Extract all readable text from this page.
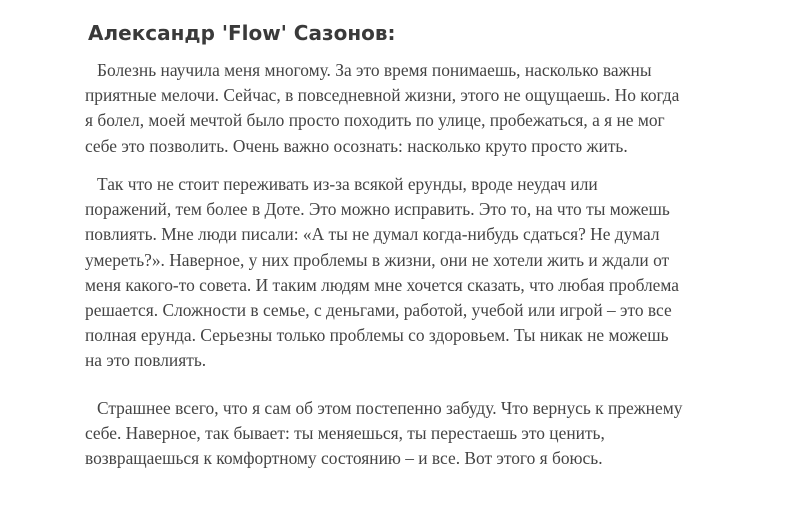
Александр 'Flow' Сазонов:

Болезнь научила меня многому. За это время понимаешь, насколько важны
приятные мелочи. Сейчас, в повседневной жизни, этого не ощущаешь. Но когда
я болел, моей мечтой было просто походить по улице, пробежаться, а я не мог
себе это позволить. Очень важно осознать: насколько круто просто жить.

Так что не стоит переживать из-за всякой ерунды, вроде неудач или
поражений, тем более в Доте. Это можно исправить. Это то, на что ты можешь
повлиять. Мне люди писали: «А ты не думал когда-нибудь сдаться? Не думал
умереть?». Наверное, у них проблемы в жизни, они не хотели жить и ждали от
меня какого-то совета. И таким людям мне хочется сказать, что любая проблема
решается. Сложности в семье, с деньгами, работой, учебой или игрой – это все
полная ерунда. Серьезны только проблемы со здоровьем. Ты никак не можешь
на это повлиять.

Страшнее всего, что я сам об этом постепенно забуду. Что вернусь к прежнему
себе. Наверное, так бывает: ты меняешься, ты перестаешь это ценить,
возвращаешься к комфортному состоянию – и все. Вот этого я боюсь.
